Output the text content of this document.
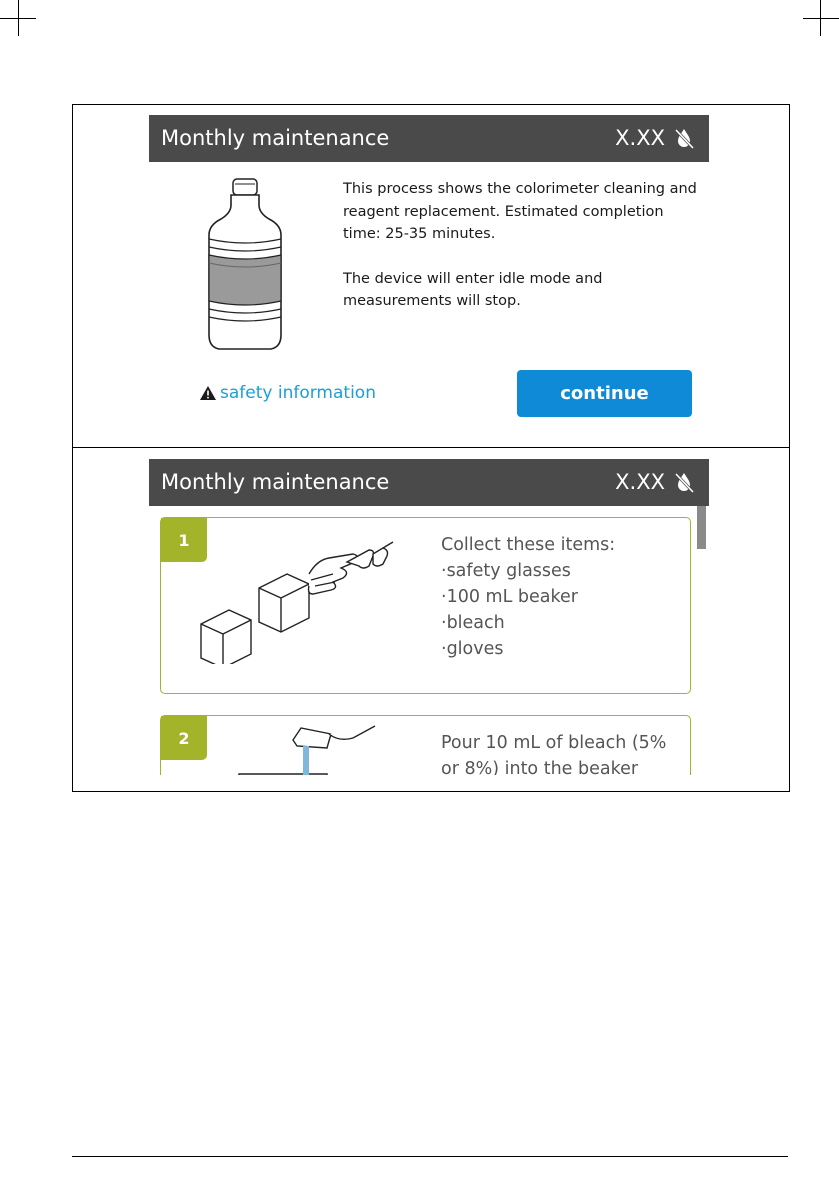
Monthly maintenance	X.XX

This process shows the colorimeter cleaning and reagent replacement. Estimated completion time: 25-35 minutes.

The device will enter idle mode and measurements will stop.

safety information	continue
Monthly maintenance	X.XX
1	Collect these items:
·safety glasses
·100 mL beaker
·bleach
·gloves
2	Pour 10 mL of bleach (5%
or 8%) into the beaker
